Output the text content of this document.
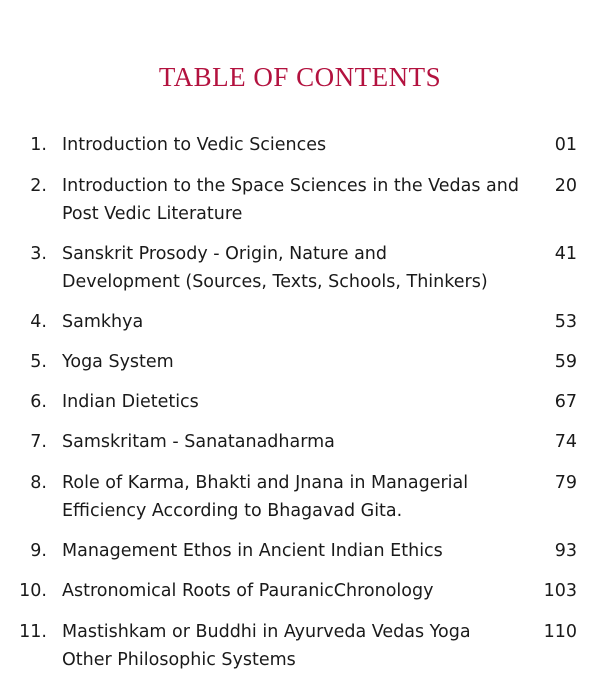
TABLE OF CONTENTS
1. Introduction to Vedic Sciences	01
2. Introduction to the Space Sciences in the Vedas and
Post Vedic Literature
20
3. Sanskrit Prosody - Origin, Nature and
Development (Sources, Texts, Schools, Thinkers)
41
4. Samkhya	53
5. Yoga System	59
6. Indian Dietetics	67
7. Samskritam - Sanatanadharma	74
8. Role of Karma, Bhakti and Jnana in Managerial
Efficiency According to Bhagavad Gita.
79
9. Management Ethos in Ancient Indian Ethics	93
10. Astronomical Roots of PauranicChronology	103
11. Mastishkam or Buddhi in Ayurveda Vedas Yoga
Other Philosophic Systems
110
